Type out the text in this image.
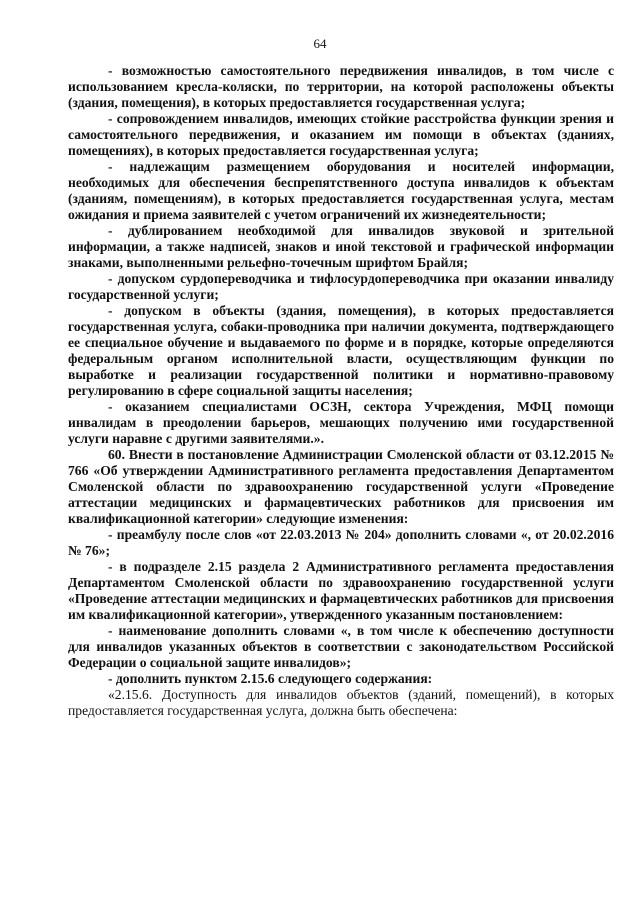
64

- возможностью самостоятельного передвижения инвалидов, в том числе с использованием кресла-коляски, по территории, на которой расположены объекты (здания, помещения), в которых предоставляется государственная услуга;

- сопровождением инвалидов, имеющих стойкие расстройства функции зрения и самостоятельного передвижения, и оказанием им помощи в объектах (зданиях, помещениях), в которых предоставляется государственная услуга;

- надлежащим размещением оборудования и носителей информации, необходимых для обеспечения беспрепятственного доступа инвалидов к объектам (зданиям, помещениям), в которых предоставляется государственная услуга, местам ожидания и приема заявителей с учетом ограничений их жизнедеятельности;

- дублированием необходимой для инвалидов звуковой и зрительной информации, а также надписей, знаков и иной текстовой и графической информации знаками, выполненными рельефно-точечным шрифтом Брайля;

- допуском сурдопереводчика и тифлосурдопереводчика при оказании инвалиду государственной услуги;

- допуском в объекты (здания, помещения), в которых предоставляется государственная услуга, собаки-проводника при наличии документа, подтверждающего ее специальное обучение и выдаваемого по форме и в порядке, которые определяются федеральным органом исполнительной власти, осуществляющим функции по выработке и реализации государственной политики и нормативно-правовому регулированию в сфере социальной защиты населения;

- оказанием специалистами ОСЗН, сектора Учреждения, МФЦ помощи инвалидам в преодолении барьеров, мешающих получению ими государственной услуги наравне с другими заявителями.».

60. Внести в постановление Администрации Смоленской области от 03.12.2015 № 766 «Об утверждении Административного регламента предоставления Департаментом Смоленской области по здравоохранению государственной услуги «Проведение аттестации медицинских и фармацевтических работников для присвоения им квалификационной категории» следующие изменения:

- преамбулу после слов «от 22.03.2013 № 204» дополнить словами «, от 20.02.2016 № 76»;

- в подразделе 2.15 раздела 2 Административного регламента предоставления Департаментом Смоленской области по здравоохранению государственной услуги «Проведение аттестации медицинских и фармацевтических работников для присвоения им квалификационной категории», утвержденного указанным постановлением:

- наименование дополнить словами «, в том числе к обеспечению доступности для инвалидов указанных объектов в соответствии с законодательством Российской Федерации о социальной защите инвалидов»;

- дополнить пунктом 2.15.6 следующего содержания:

«2.15.6. Доступность для инвалидов объектов (зданий, помещений), в которых предоставляется государственная услуга, должна быть обеспечена:
